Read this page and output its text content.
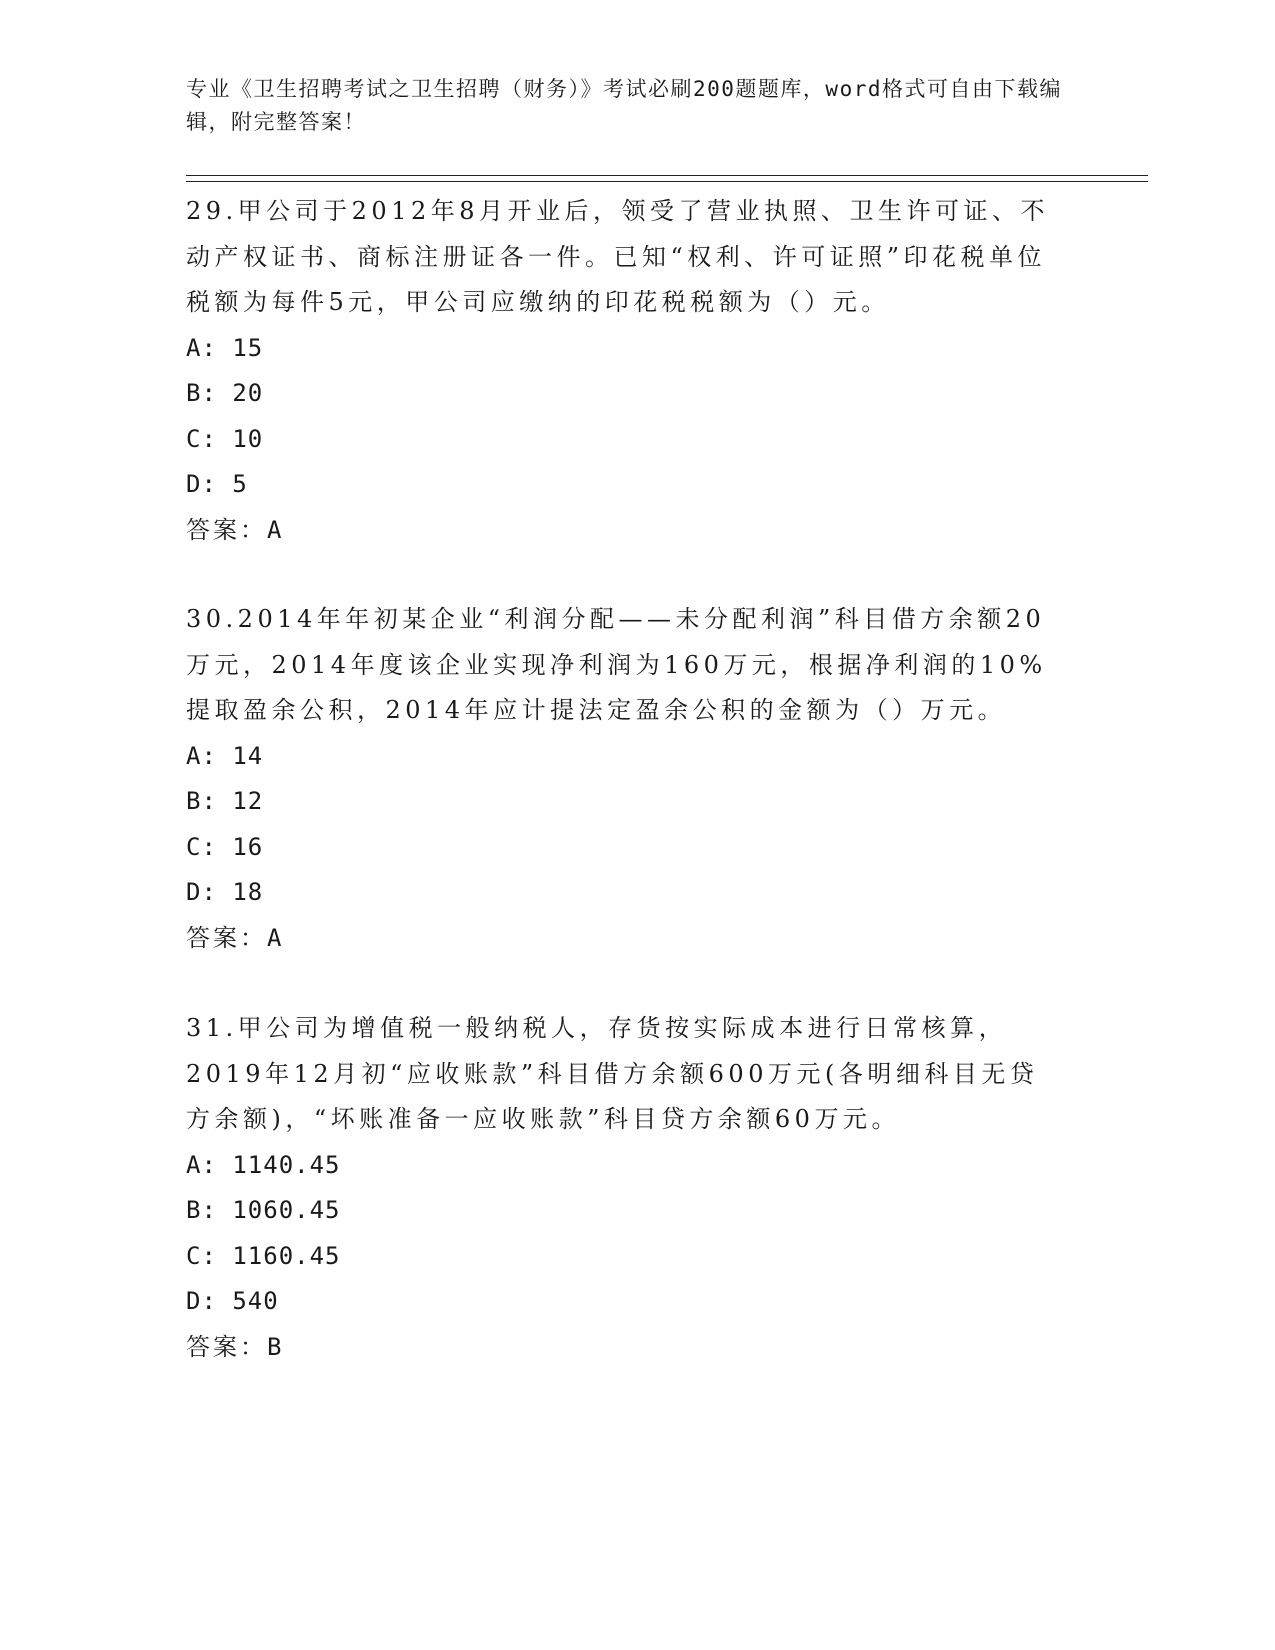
专业《卫生招聘考试之卫生招聘（财务）》考试必刷200题题库，word格式可自由下载编辑，附完整答案！
29.甲公司于2012年8月开业后，领受了营业执照、卫生许可证、不动产权证书、商标注册证各一件。已知“权利、许可证照”印花税单位税额为每件5元，甲公司应缴纳的印花税税额为（）元。
A: 15
B: 20
C: 10
D: 5
答案：A
30.2014年年初某企业“利润分配——未分配利润”科目借方余额20万元，2014年度该企业实现净利润为160万元，根据净利润的10%提取盈余公积，2014年应计提法定盈余公积的金额为（）万元。
A: 14
B: 12
C: 16
D: 18
答案：A
31.甲公司为增值税一般纳税人，存货按实际成本进行日常核算，2019年12月初“应收账款”科目借方余额600万元(各明细科目无贷方余额)，“坏账准备一应收账款”科目贷方余额60万元。
A: 1140.45
B: 1060.45
C: 1160.45
D: 540
答案：B
